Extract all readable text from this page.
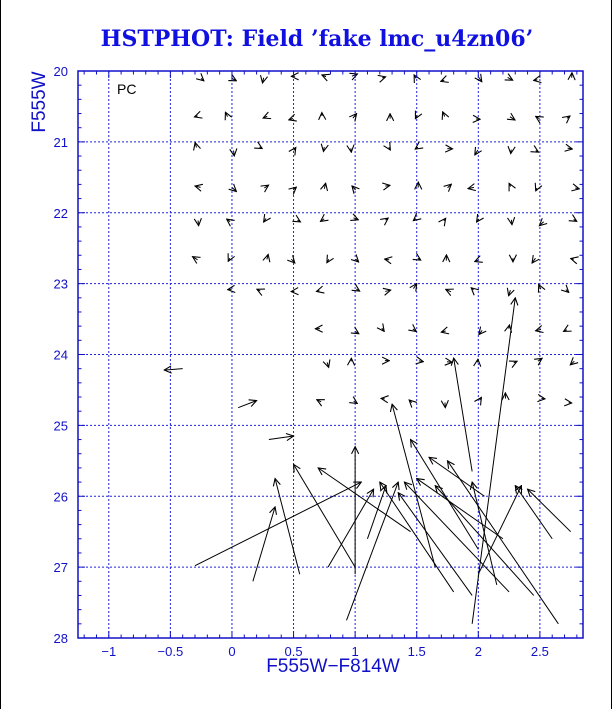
HSTPHOT: Field ’fake lmc_u4zn06’
−1	−0.5	0	0.5	1	1.5	2	2.5
20
21
22
23
24
25
26
27
28
PC
F555W−F814W
F555W
